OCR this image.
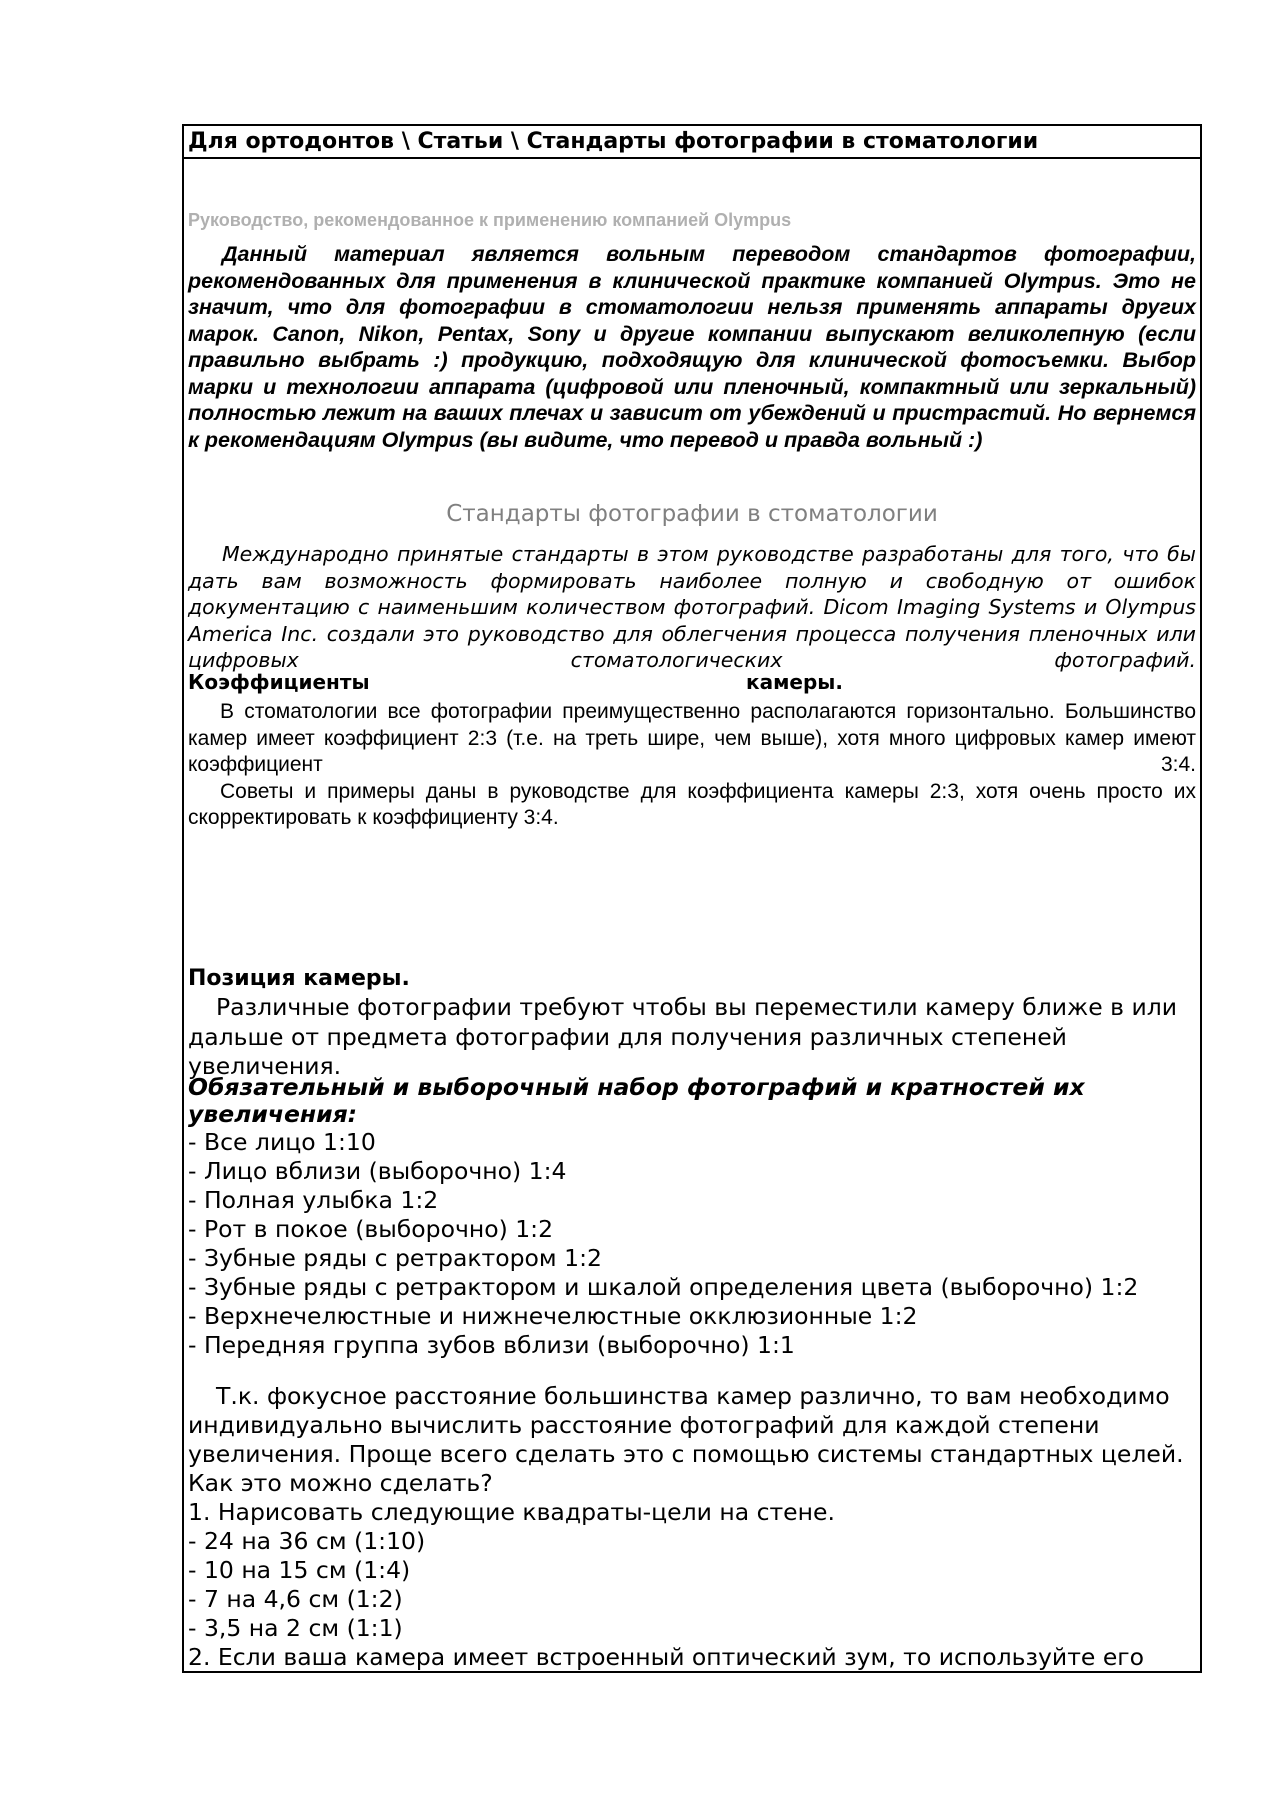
Для ортодонтов \ Статьи \ Стандарты фотографии в стоматологии
Руководство, рекомендованное к применению компанией Olympus
Данный материал является вольным переводом стандартов фотографии, рекомендованных для применения в клинической практике компанией Olympus. Это не значит, что для фотографии в стоматологии нельзя применять аппараты других марок. Canon, Nikon, Pentax, Sony и другие компании выпускают великолепную (если правильно выбрать :) продукцию, подходящую для клинической фотосъемки. Выбор марки и технологии аппарата (цифровой или пленочный, компактный или зеркальный) полностью лежит на ваших плечах и зависит от убеждений и пристрастий. Но вернемся к рекомендациям Olympus (вы видите, что перевод и правда вольный :)
Стандарты фотографии в стоматологии
Международно принятые стандарты в этом руководстве разработаны для того, что бы дать вам возможность формировать наиболее полную и свободную от ошибок документацию с наименьшим количеством фотографий. Dicom Imaging Systems и Olympus America Inc. создали это руководство для облегчения процесса получения пленочных или цифровых стоматологических фотографий.
Коэффициенты	камеры.
В стоматологии все фотографии преимущественно располагаются горизонтально. Большинство камер имеет коэффициент 2:3 (т.е. на треть шире, чем выше), хотя много цифровых камер имеют коэффициент 3:4.
Советы и примеры даны в руководстве для коэффициента камеры 2:3, хотя очень просто их скорректировать к коэффициенту 3:4.
Позиция камеры.
Различные фотографии требуют чтобы вы переместили камеру ближе в или дальше от предмета фотографии для получения различных степеней увеличения.
Обязательный и выборочный набор фотографий и кратностей их увеличения:
- Все лицо 1:10
- Лицо вблизи (выборочно) 1:4
- Полная улыбка 1:2
- Рот в покое (выборочно) 1:2
- Зубные ряды с ретрактором 1:2
- Зубные ряды с ретрактором и шкалой определения цвета (выборочно) 1:2
- Верхнечелюстные и нижнечелюстные окклюзионные 1:2
- Передняя группа зубов вблизи (выборочно) 1:1
Т.к. фокусное расстояние большинства камер различно, то вам необходимо индивидуально вычислить расстояние фотографий для каждой степени увеличения. Проще всего сделать это с помощью системы стандартных целей. Как это можно сделать?
1. Нарисовать следующие квадраты-цели на стене.
- 24 на 36 см (1:10)
- 10 на 15 см (1:4)
- 7 на 4,6 см (1:2)
- 3,5 на 2 см (1:1)
2. Если ваша камера имеет встроенный оптический зум, то используйте его
